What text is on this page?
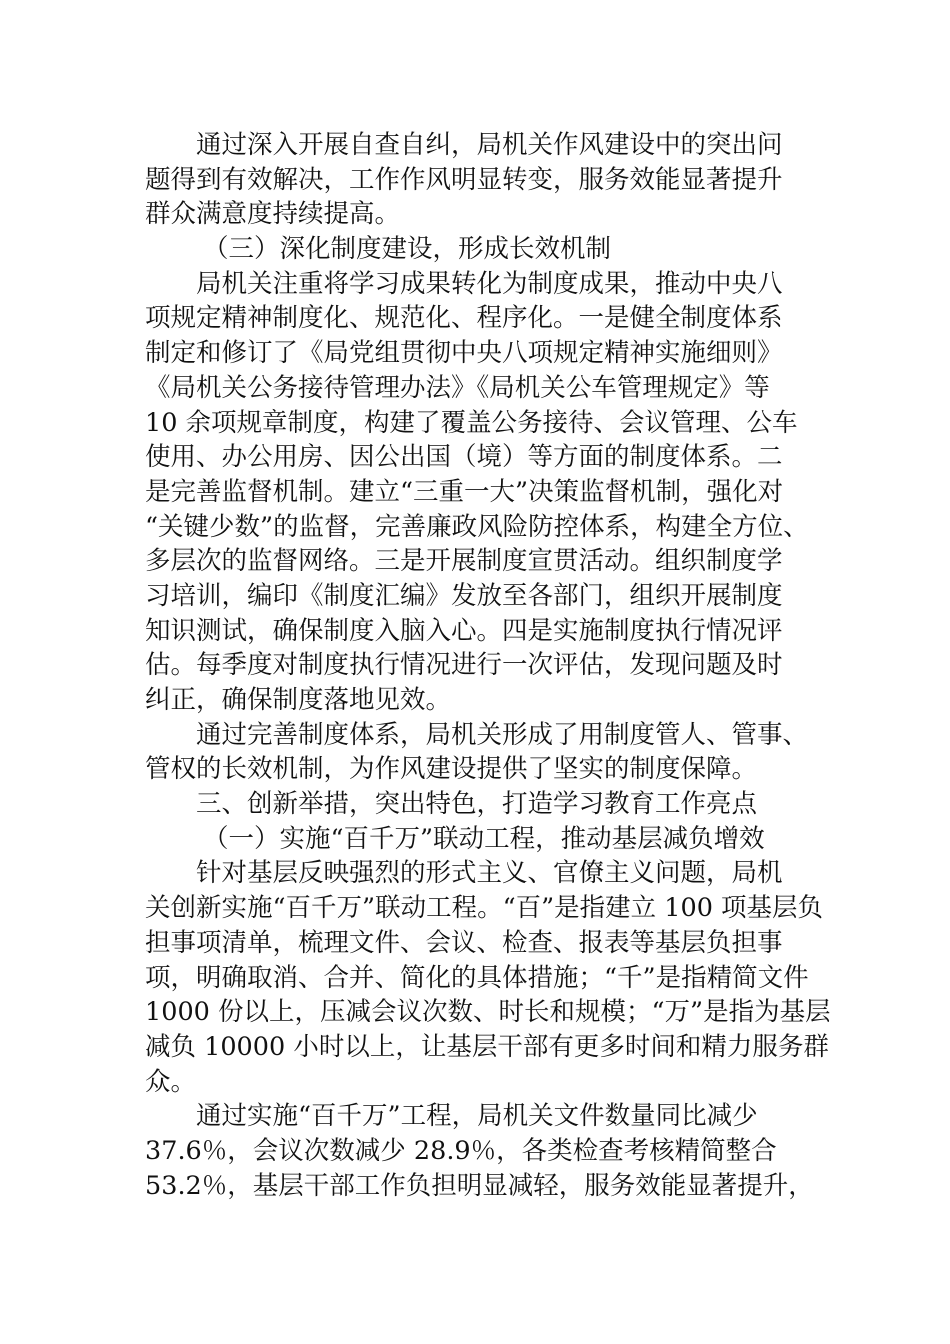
通过深入开展自查自纠，局机关作风建设中的突出问
题得到有效解决，工作作风明显转变，服务效能显著提升
群众满意度持续提高。
（三）深化制度建设，形成长效机制
局机关注重将学习成果转化为制度成果，推动中央八
项规定精神制度化、规范化、程序化。一是健全制度体系
制定和修订了《局党组贯彻中央八项规定精神实施细则》
《局机关公务接待管理办法》《局机关公车管理规定》等
10 余项规章制度，构建了覆盖公务接待、会议管理、公车
使用、办公用房、因公出国（境）等方面的制度体系。二
是完善监督机制。建立“三重一大”决策监督机制，强化对
“关键少数”的监督，完善廉政风险防控体系，构建全方位、
多层次的监督网络。三是开展制度宣贯活动。组织制度学
习培训，编印《制度汇编》发放至各部门，组织开展制度
知识测试，确保制度入脑入心。四是实施制度执行情况评
估。每季度对制度执行情况进行一次评估，发现问题及时
纠正，确保制度落地见效。
通过完善制度体系，局机关形成了用制度管人、管事、
管权的长效机制，为作风建设提供了坚实的制度保障。
三、创新举措，突出特色，打造学习教育工作亮点
（一）实施“百千万”联动工程，推动基层减负增效
针对基层反映强烈的形式主义、官僚主义问题，局机
关创新实施“百千万”联动工程。“百”是指建立 100 项基层负
担事项清单，梳理文件、会议、检查、报表等基层负担事
项，明确取消、合并、简化的具体措施；“千”是指精简文件
1000 份以上，压减会议次数、时长和规模；“万”是指为基层
减负 10000 小时以上，让基层干部有更多时间和精力服务群
众。
通过实施“百千万”工程，局机关文件数量同比减少
37.6％，会议次数减少 28.9％，各类检查考核精简整合
53.2％，基层干部工作负担明显减轻，服务效能显著提升，
